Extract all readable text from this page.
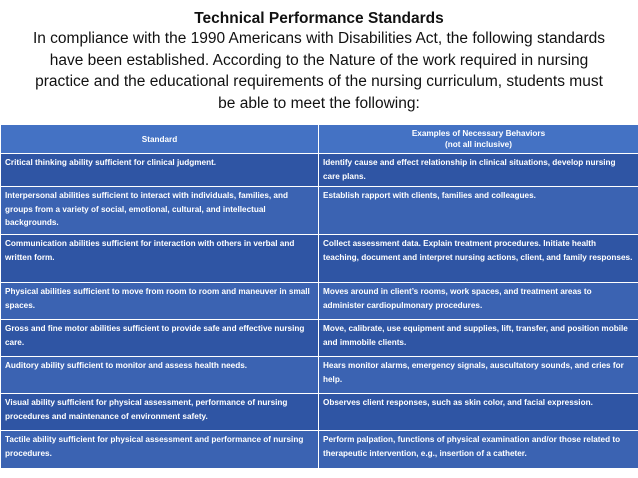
Technical Performance Standards
In compliance with the 1990 Americans with Disabilities Act, the following standards have been established. According to the Nature of the work required in nursing practice and the educational requirements of the nursing curriculum, students must be able to meet the following:
Standard	Examples of Necessary Behaviors
(not all inclusive)
Critical thinking ability sufficient for clinical judgment.	Identify cause and effect relationship in clinical situations, develop nursing care plans.
Interpersonal abilities sufficient to interact with individuals, families, and groups from a variety of social, emotional, cultural, and intellectual backgrounds.	Establish rapport with clients, families and colleagues.
Communication abilities sufficient for interaction with others in verbal and written form.	Collect assessment data. Explain treatment procedures. Initiate health teaching, document and interpret nursing actions, client, and family responses.
Physical abilities sufficient to move from room to room and maneuver in small spaces.	Moves around in client’s rooms, work spaces, and treatment areas to administer cardiopulmonary procedures.
Gross and fine motor abilities sufficient to provide safe and effective nursing care.	Move, calibrate, use equipment and supplies, lift, transfer, and position mobile and immobile clients.
Auditory ability sufficient to monitor and assess health needs.	Hears monitor alarms, emergency signals, auscultatory sounds, and cries for help.
Visual ability sufficient for physical assessment, performance of nursing procedures and maintenance of environment safety.	Observes client responses, such as skin color, and facial expression.
Tactile ability sufficient for physical assessment and performance of nursing procedures.	Perform palpation, functions of physical examination and/or those related to therapeutic intervention, e.g., insertion of a catheter.
